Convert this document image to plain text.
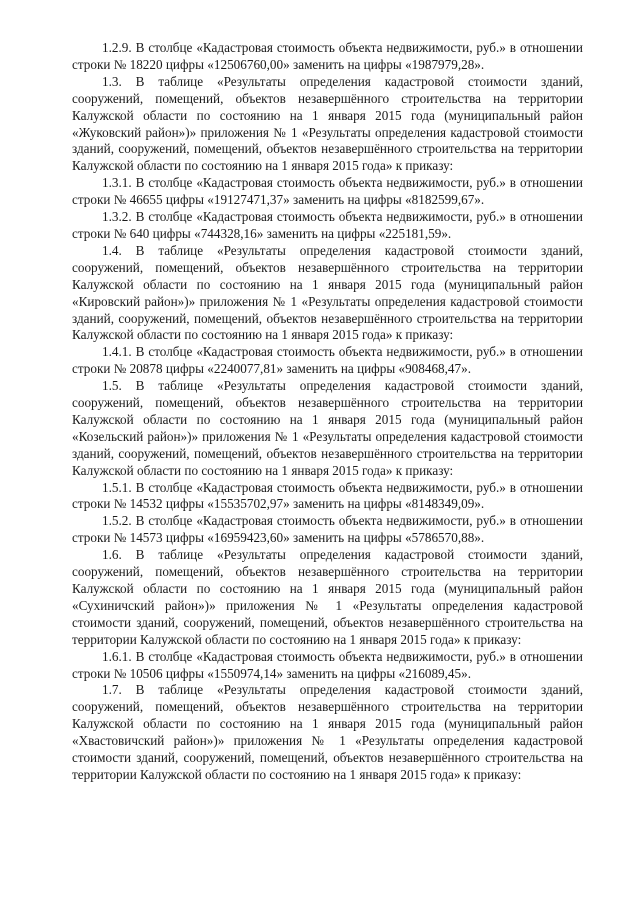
1.2.9. В столбце «Кадастровая стоимость объекта недвижимости, руб.» в отношении строки № 18220 цифры «12506760,00» заменить на цифры «1987979,28».

1.3. В таблице «Результаты определения кадастровой стоимости зданий, сооружений, помещений, объектов незавершённого строительства на территории Калужской области по состоянию на 1 января 2015 года (муниципальный район «Жуковский район»)» приложения № 1 «Результаты определения кадастровой стоимости зданий, сооружений, помещений, объектов незавершённого строительства на территории Калужской области по состоянию на 1 января 2015 года» к приказу:

1.3.1. В столбце «Кадастровая стоимость объекта недвижимости, руб.» в отношении строки № 46655 цифры «19127471,37» заменить на цифры «8182599,67».

1.3.2. В столбце «Кадастровая стоимость объекта недвижимости, руб.» в отношении строки № 640 цифры «744328,16» заменить на цифры «225181,59».

1.4. В таблице «Результаты определения кадастровой стоимости зданий, сооружений, помещений, объектов незавершённого строительства на территории Калужской области по состоянию на 1 января 2015 года (муниципальный район «Кировский район»)» приложения № 1 «Результаты определения кадастровой стоимости зданий, сооружений, помещений, объектов незавершённого строительства на территории Калужской области по состоянию на 1 января 2015 года» к приказу:

1.4.1. В столбце «Кадастровая стоимость объекта недвижимости, руб.» в отношении строки № 20878 цифры «2240077,81» заменить на цифры «908468,47».

1.5. В таблице «Результаты определения кадастровой стоимости зданий, сооружений, помещений, объектов незавершённого строительства на территории Калужской области по состоянию на 1 января 2015 года (муниципальный район «Козельский район»)» приложения № 1 «Результаты определения кадастровой стоимости зданий, сооружений, помещений, объектов незавершённого строительства на территории Калужской области по состоянию на 1 января 2015 года» к приказу:

1.5.1. В столбце «Кадастровая стоимость объекта недвижимости, руб.» в отношении строки № 14532 цифры «15535702,97» заменить на цифры «8148349,09».

1.5.2. В столбце «Кадастровая стоимость объекта недвижимости, руб.» в отношении строки № 14573 цифры «16959423,60» заменить на цифры «5786570,88».

1.6. В таблице «Результаты определения кадастровой стоимости зданий, сооружений, помещений, объектов незавершённого строительства на территории Калужской области по состоянию на 1 января 2015 года (муниципальный район «Сухиничский район»)» приложения № 1 «Результаты определения кадастровой стоимости зданий, сооружений, помещений, объектов незавершённого строительства на территории Калужской области по состоянию на 1 января 2015 года» к приказу:

1.6.1. В столбце «Кадастровая стоимость объекта недвижимости, руб.» в отношении строки № 10506 цифры «1550974,14» заменить на цифры «216089,45».

1.7. В таблице «Результаты определения кадастровой стоимости зданий, сооружений, помещений, объектов незавершённого строительства на территории Калужской области по состоянию на 1 января 2015 года (муниципальный район «Хвастовичский район»)» приложения № 1 «Результаты определения кадастровой стоимости зданий, сооружений, помещений, объектов незавершённого строительства на территории Калужской области по состоянию на 1 января 2015 года» к приказу:
